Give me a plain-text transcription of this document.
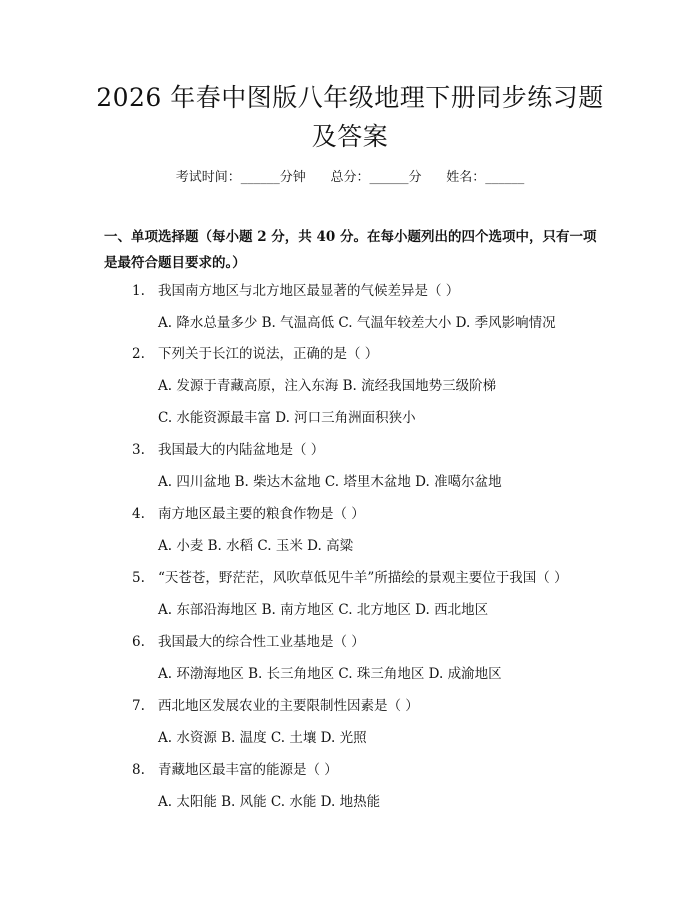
2026 年春中图版八年级地理下册同步练习题
及答案
考试时间：______分钟      总分：______分      姓名：______
一、单项选择题（每小题 2 分，共 40 分。在每小题列出的四个选项中，只有一项
是最符合题目要求的。）
1. 我国南方地区与北方地区最显著的气候差异是（ ）
A. 降水总量多少 B. 气温高低 C. 气温年较差大小 D. 季风影响情况
2. 下列关于长江的说法，正确的是（ ）
A. 发源于青藏高原，注入东海 B. 流经我国地势三级阶梯
C. 水能资源最丰富 D. 河口三角洲面积狭小
3. 我国最大的内陆盆地是（ ）
A. 四川盆地 B. 柴达木盆地 C. 塔里木盆地 D. 准噶尔盆地
4. 南方地区最主要的粮食作物是（ ）
A. 小麦 B. 水稻 C. 玉米 D. 高粱
5. “天苍苍，野茫茫，风吹草低见牛羊”所描绘的景观主要位于我国（ ）
A. 东部沿海地区 B. 南方地区 C. 北方地区 D. 西北地区
6. 我国最大的综合性工业基地是（ ）
A. 环渤海地区 B. 长三角地区 C. 珠三角地区 D. 成渝地区
7. 西北地区发展农业的主要限制性因素是（ ）
A. 水资源 B. 温度 C. 土壤 D. 光照
8. 青藏地区最丰富的能源是（ ）
A. 太阳能 B. 风能 C. 水能 D. 地热能
